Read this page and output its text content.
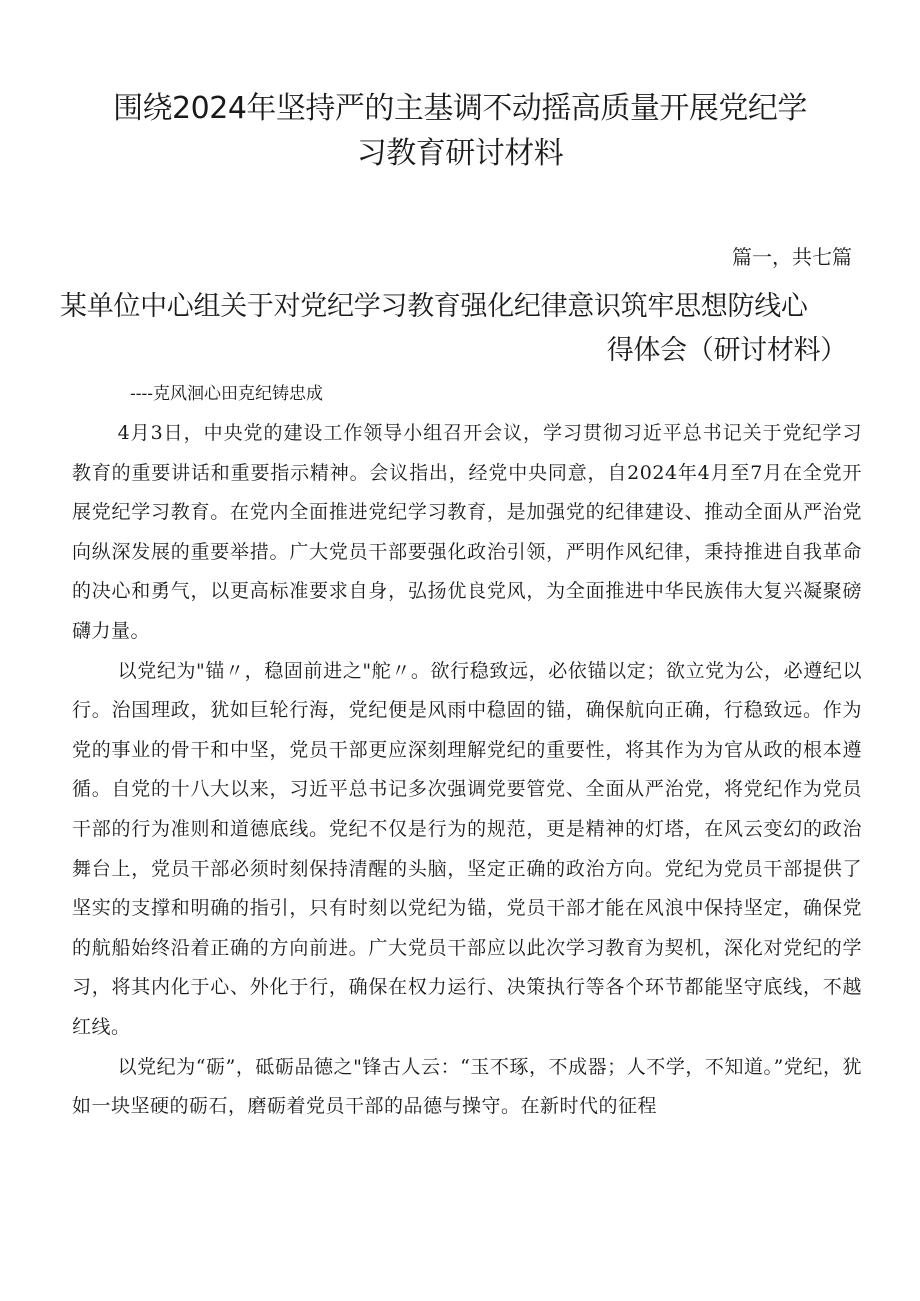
围绕2024年坚持严的主基调不动摇高质量开展党纪学
习教育研讨材料
篇一，共七篇
某单位中心组关于对党纪学习教育强化纪律意识筑牢思想防线心
得体会（研讨材料）
----克风洄心田克纪铸忠成

4月3日，中央党的建设工作领导小组召开会议，学习贯彻习近平总书记关于党纪学习教育的重要讲话和重要指示精神。会议指出，经党中央同意，自2024年4月至7月在全党开展党纪学习教育。在党内全面推进党纪学习教育，是加强党的纪律建设、推动全面从严治党向纵深发展的重要举措。广大党员干部要强化政治引领，严明作风纪律，秉持推进自我革命的决心和勇气，以更高标准要求自身，弘扬优良党风，为全面推进中华民族伟大复兴凝聚磅礴力量。

以党纪为"锚〃，稳固前进之"舵〃。欲行稳致远，必依锚以定；欲立党为公，必遵纪以行。治国理政，犹如巨轮行海，党纪便是风雨中稳固的锚，确保航向正确，行稳致远。作为党的事业的骨干和中坚，党员干部更应深刻理解党纪的重要性，将其作为为官从政的根本遵循。自党的十八大以来，习近平总书记多次强调党要管党、全面从严治党，将党纪作为党员干部的行为准则和道德底线。党纪不仅是行为的规范，更是精神的灯塔，在风云变幻的政治舞台上，党员干部必须时刻保持清醒的头脑，坚定正确的政治方向。党纪为党员干部提供了坚实的支撑和明确的指引，只有时刻以党纪为锚，党员干部才能在风浪中保持坚定，确保党的航船始终沿着正确的方向前进。广大党员干部应以此次学习教育为契机，深化对党纪的学习，将其内化于心、外化于行，确保在权力运行、决策执行等各个环节都能坚守底线，不越红线。

以党纪为“砺”，砥砺品德之"锋古人云：“玉不琢，不成器；人不学，不知道。”党纪，犹如一块坚硬的砺石，磨砺着党员干部的品德与操守。在新时代的征程
